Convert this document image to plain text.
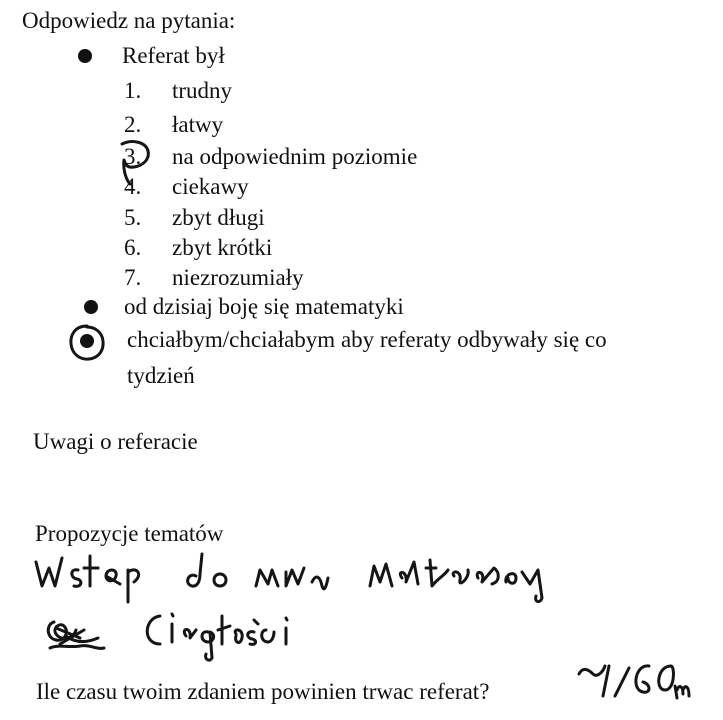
Odpowiedz na pytania:
Referat był
1.	trudny
2.	łatwy
3.	na odpowiednim poziomie
4.	ciekawy
5.	zbyt długi
6.	zbyt krótki
7.	niezrozumiały
od dzisiaj boję się matematyki
chciałbym/chciałabym aby referaty odbywały się co
tydzień
Uwagi o referacie
Propozycje tematów
Ile czasu twoim zdaniem powinien trwac referat?
